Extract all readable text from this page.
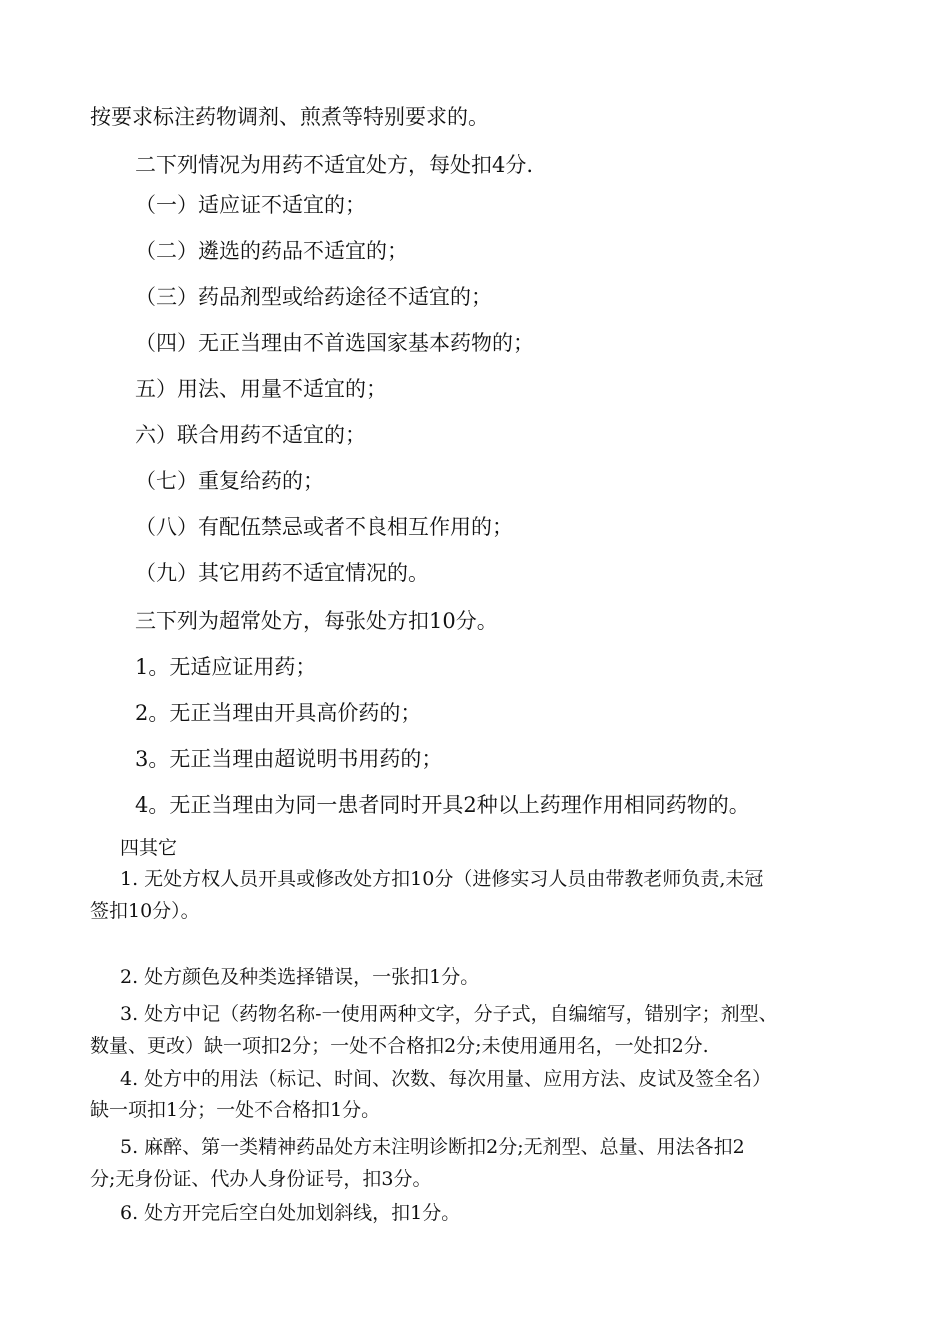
按要求标注药物调剂、煎煮等特别要求的。
二下列情况为用药不适宜处方，每处扣4分.
（一）适应证不适宜的；
（二）遴选的药品不适宜的；
（三）药品剂型或给药途径不适宜的；
（四）无正当理由不首选国家基本药物的；
五）用法、用量不适宜的；
六）联合用药不适宜的；
（七）重复给药的；
（八）有配伍禁忌或者不良相互作用的；
（九）其它用药不适宜情况的。
三下列为超常处方，每张处方扣10分。
1。无适应证用药；
2。无正当理由开具高价药的；
3。无正当理由超说明书用药的；
4。无正当理由为同一患者同时开具2种以上药理作用相同药物的。
四其它
1. 无处方权人员开具或修改处方扣10分（进修实习人员由带教老师负责,未冠
签扣10分）。
2. 处方颜色及种类选择错误，一张扣1分。
3. 处方中记（药物名称-一使用两种文字，分子式，自编缩写，错别字；剂型、
数量、更改）缺一项扣2分；一处不合格扣2分;未使用通用名，一处扣2分.
4. 处方中的用法（标记、时间、次数、每次用量、应用方法、皮试及签全名）
缺一项扣1分；一处不合格扣1分。
5. 麻醉、第一类精神药品处方未注明诊断扣2分;无剂型、总量、用法各扣2
分;无身份证、代办人身份证号，扣3分。
6. 处方开完后空白处加划斜线，扣1分。
